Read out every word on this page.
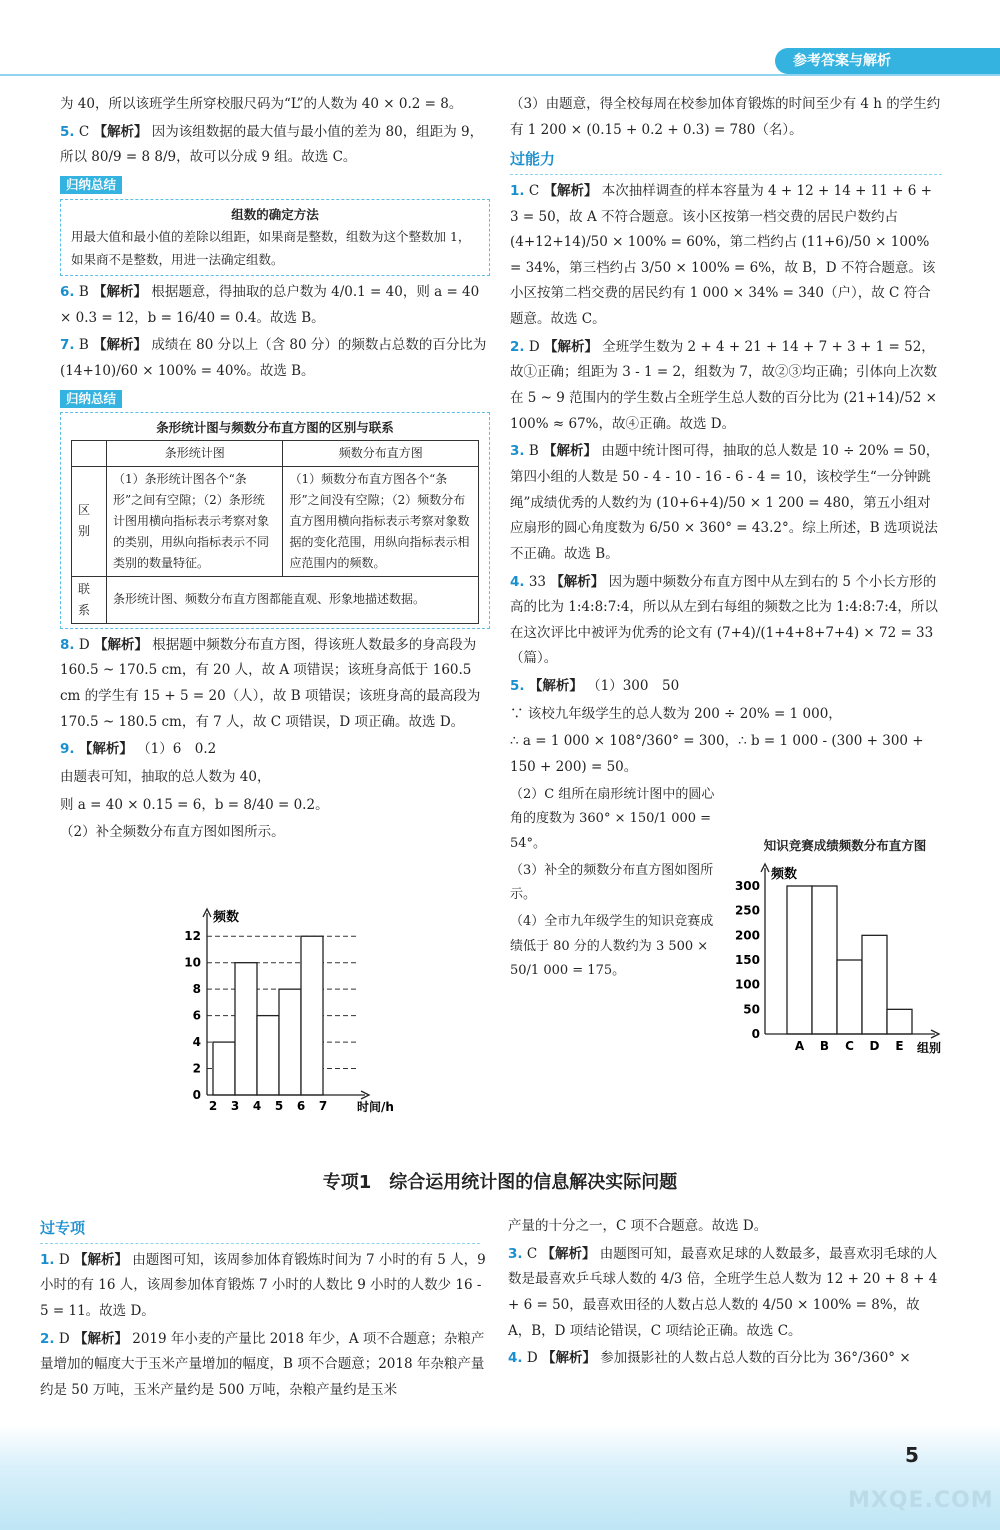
参考答案与解析

为 40，所以该班学生所穿校服尺码为“L”的人数为 40 × 0.2 = 8。

5. C 【解析】 因为该组数据的最大值与最小值的差为 80，组距为 9，所以 80/9 = 8 8/9，故可以分成 9 组。故选 C。

归纳总结
组数的确定方法
用最大值和最小值的差除以组距，如果商是整数，组数为这个整数加 1，如果商不是整数，用进一法确定组数。

6. B 【解析】 根据题意，得抽取的总户数为 4/0.1 = 40，则 a = 40 × 0.3 = 12，b = 16/40 = 0.4。故选 B。

7. B 【解析】 成绩在 80 分以上（含 80 分）的频数占总数的百分比为 (14+10)/60 × 100% = 40%。故选 B。

归纳总结
条形统计图与频数分布直方图的区别与联系
	条形统计图	频数分布直方图
区别	（1）条形统计图各个“条形”之间有空隙；（2）条形统计图用横向指标表示考察对象的类别，用纵向指标表示不同类别的数量特征。	（1）频数分布直方图各个“条形”之间没有空隙；（2）频数分布直方图用横向指标表示考察对象数据的变化范围，用纵向指标表示相应范围内的频数。
联系	条形统计图、频数分布直方图都能直观、形象地描述数据。	

8. D 【解析】 根据题中频数分布直方图，得该班人数最多的身高段为 160.5 ~ 170.5 cm，有 20 人，故 A 项错误；该班身高低于 160.5 cm 的学生有 15 + 5 = 20（人），故 B 项错误；该班身高的最高段为 170.5 ~ 180.5 cm，有 7 人，故 C 项错误，D 项正确。故选 D。

9. 【解析】 （1）6　0.2

由题表可知，抽取的总人数为 40，

则 a = 40 × 0.15 = 6，b = 8/40 = 0.2。

（2）补全频数分布直方图如图所示。

0
2
4
6
8
10
12
2 3 4 5 6 7
频数
时间/h

（3）由题意，得全校每周在校参加体育锻炼的时间至少有 4 h 的学生约有 1 200 × (0.15 + 0.2 + 0.3) = 780（名）。

过能力

1. C 【解析】 本次抽样调查的样本容量为 4 + 12 + 14 + 11 + 6 + 3 = 50，故 A 不符合题意。该小区按第一档交费的居民户数约占 (4+12+14)/50 × 100% = 60%，第二档约占 (11+6)/50 × 100% = 34%，第三档约占 3/50 × 100% = 6%，故 B，D 不符合题意。该小区按第二档交费的居民约有 1 000 × 34% = 340（户），故 C 符合题意。故选 C。

2. D 【解析】 全班学生数为 2 + 4 + 21 + 14 + 7 + 3 + 1 = 52，故①正确；组距为 3 - 1 = 2，组数为 7，故②③均正确；引体向上次数在 5 ~ 9 范围内的学生数占全班学生总人数的百分比为 (21+14)/52 × 100% ≈ 67%，故④正确。故选 D。

3. B 【解析】 由题中统计图可得，抽取的总人数是 10 ÷ 20% = 50，第四小组的人数是 50 - 4 - 10 - 16 - 6 - 4 = 10，该校学生“一分钟跳绳”成绩优秀的人数约为 (10+6+4)/50 × 1 200 = 480，第五小组对应扇形的圆心角度数为 6/50 × 360° = 43.2°。综上所述，B 选项说法不正确。故选 B。

4. 33 【解析】 因为题中频数分布直方图中从左到右的 5 个小长方形的高的比为 1:4:8:7:4，所以从左到右每组的频数之比为 1:4:8:7:4，所以在这次评比中被评为优秀的论文有 (7+4)/(1+4+8+7+4) × 72 = 33（篇）。

5. 【解析】 （1）300　50

∵ 该校九年级学生的总人数为 200 ÷ 20% = 1 000，

∴ a = 1 000 × 108°/360° = 300，∴ b = 1 000 - (300 + 300 + 150 + 200) = 50。

（2）C 组所在扇形统计图中的圆心角的度数为 360° × 150/1 000 = 54°。

（3）补全的频数分布直方图如图所示。

（4）全市九年级学生的知识竞赛成绩低于 80 分的人数约为 3 500 × 50/1 000 = 175。

知识竞赛成绩频数分布直方图
0
50
100
150
200
250
300
A B C D E
频数
组别
专项1　综合运用统计图的信息解决实际问题
过专项

1. D 【解析】 由题图可知，该周参加体育锻炼时间为 7 小时的有 5 人，9 小时的有 16 人，该周参加体育锻炼 7 小时的人数比 9 小时的人数少 16 - 5 = 11。故选 D。

2. D 【解析】 2019 年小麦的产量比 2018 年少，A 项不合题意；杂粮产量增加的幅度大于玉米产量增加的幅度，B 项不合题意；2018 年杂粮产量约是 50 万吨，玉米产量约是 500 万吨，杂粮产量约是玉米

产量的十分之一，C 项不合题意。故选 D。

3. C 【解析】 由题图可知，最喜欢足球的人数最多，最喜欢羽毛球的人数是最喜欢乒乓球人数的 4/3 倍，全班学生总人数为 12 + 20 + 8 + 4 + 6 = 50，最喜欢田径的人数占总人数的 4/50 × 100% = 8%，故 A，B，D 项结论错误，C 项结论正确。故选 C。

4. D 【解析】 参加摄影社的人数占总人数的百分比为 36°/360° ×

5
MXQE.COM
